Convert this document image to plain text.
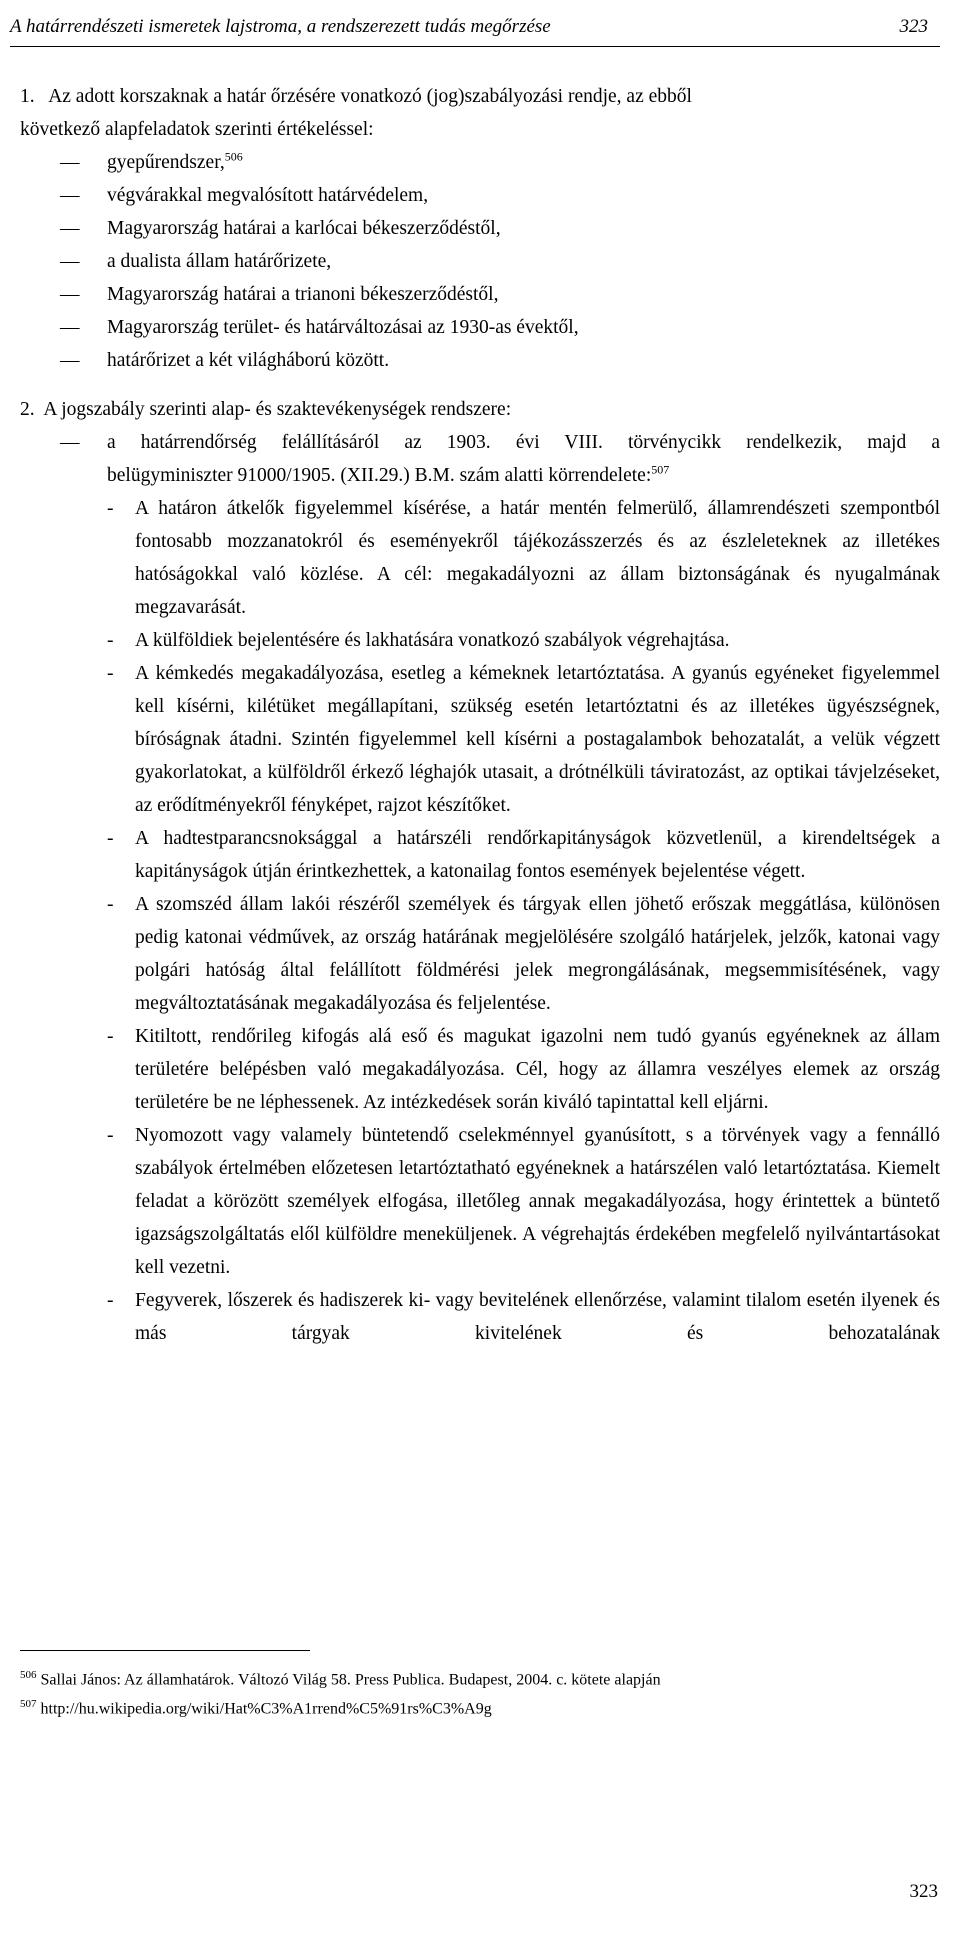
A határrendészeti ismeretek lajstroma, a rendszerezett tudás megőrzése	323
1. Az adott korszaknak a határ őrzésére vonatkozó (jog)szabályozási rendje, az ebből
következő alapfeladatok szerinti értékeléssel:
— gyepűrendszer,$^{506}$
— végvárakkal megvalósított határvédelem,
— Magyarország határai a karlócai békeszerződéstől,
— a dualista állam határőrizete,
— Magyarország határai a trianoni békeszerződéstől,
— Magyarország terület- és határváltozásai az 1930-as évektől,
— határőrizet a két világháború között.
2. A jogszabály szerinti alap- és szaktevékenységek rendszere:
— a határrendőrség felállításáról az 1903. évi VIII. törvénycikk rendelkezik, majd a
belügyminiszter 91000/1905. (XII.29.) B.M. szám alatti körrendelete:$^{507}$
-	A határon átkelők figyelemmel kísérése, a határ mentén felmerülő, államrendészeti szempontból fontosabb mozzanatokról és eseményekről tájékozásszerzés és az észleleteknek az illetékes hatóságokkal való közlése. A cél: megakadályozni az állam biztonságának és nyugalmának megzavarását.
-	A külföldiek bejelentésére és lakhatására vonatkozó szabályok végrehajtása.
-	A kémkedés megakadályozása, esetleg a kémeknek letartóztatása. A gyanús egyéneket figyelemmel kell kísérni, kilétüket megállapítani, szükség esetén letartóztatni és az illetékes ügyészségnek, bíróságnak átadni. Szintén figyelemmel kell kísérni a postagalambok behozatalát, a velük végzett gyakorlatokat, a külföldről érkező léghajók utasait, a drótnélküli táviratozást, az optikai távjelzéseket, az erődítményekről fényképet, rajzot készítőket.
-	A hadtestparancsnoksággal a határszéli rendőrkapitányságok közvetlenül, a kirendeltségek a kapitányságok útján érintkezhettek, a katonailag fontos események bejelentése végett.
-	A szomszéd állam lakói részéről személyek és tárgyak ellen jöhető erőszak meggátlása, különösen pedig katonai védművek, az ország határának megjelölésére szolgáló határjelek, jelzők, katonai vagy polgári hatóság által felállított földmérési jelek megrongálásának, megsemmisítésének, vagy megváltoztatásának megakadályozása és feljelentése.
-	Kitiltott, rendőrileg kifogás alá eső és magukat igazolni nem tudó gyanús egyéneknek az állam területére belépésben való megakadályozása. Cél, hogy az államra veszélyes elemek az ország területére be ne léphessenek. Az intézkedések során kiváló tapintattal kell eljárni.
-	Nyomozott vagy valamely büntetendő cselekménnyel gyanúsított, s a törvények vagy a fennálló szabályok értelmében előzetesen letartóztatható egyéneknek a határszélen való letartóztatása. Kiemelt feladat a körözött személyek elfogása, illetőleg annak megakadályozása, hogy érintettek a büntető igazságszolgáltatás elől külföldre meneküljenek. A végrehajtás érdekében megfelelő nyilvántartásokat kell vezetni.
-	Fegyverek, lőszerek és hadiszerek ki- vagy bevitelének ellenőrzése, valamint tilalom esetén ilyenek és más tárgyak kivitelének és behozatalának
$^{506}$ Sallai János: Az államhatárok. Változó Világ 58. Press Publica. Budapest, 2004. c. kötete alapján
$^{507}$ http://hu.wikipedia.org/wiki/Hat%C3%A1rrend%C5%91rs%C3%A9g
323
